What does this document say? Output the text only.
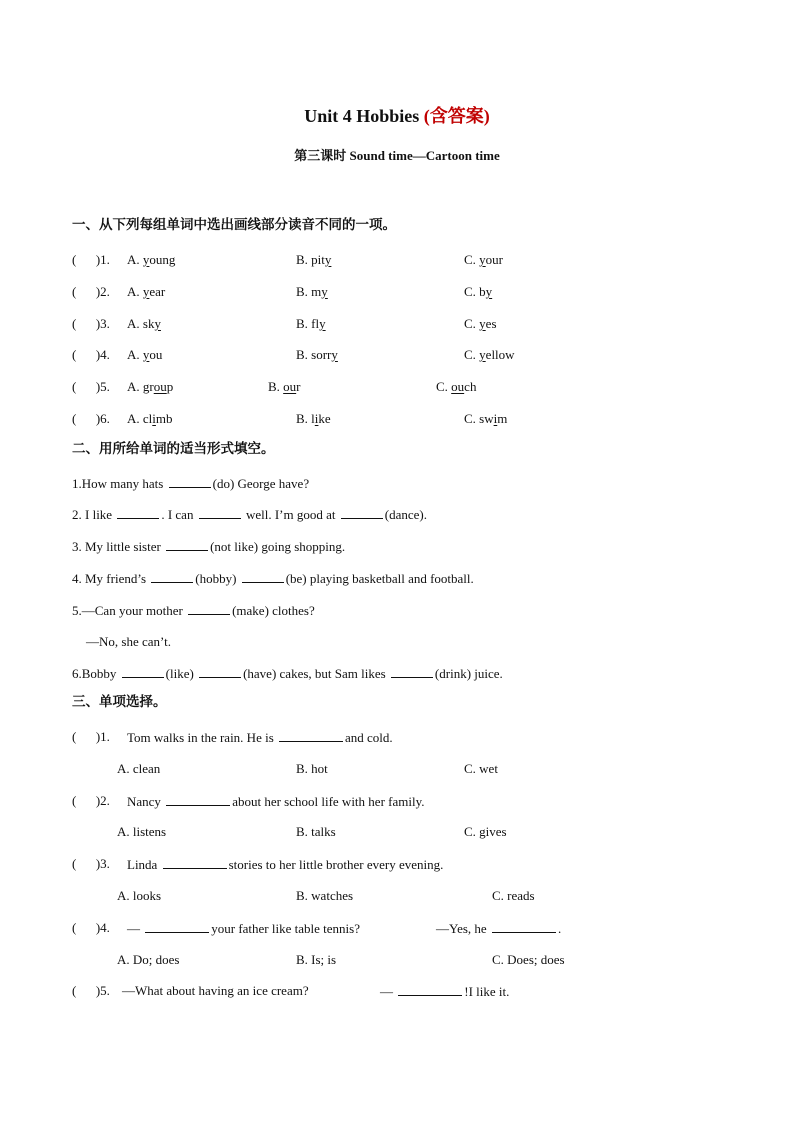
Unit 4 Hobbies (含答案)
第三课时 Sound time—Cartoon time
一、从下列每组单词中选出画线部分读音不同的一项。
(      )1. A. young	B. pity	C. your
(      )2. A. year	B. my	C. by
(      )3. A. sky	B. fly	C. yes
(      )4. A. you	B. sorry	C. yellow
(      )5. A. group	B. our	C. ouch
(      )6. A. climb	B. like	C. swim
二、用所给单词的适当形式填空。
1.How many hats	(do) George have?
2. I like	. I can	well. I’m good at	(dance).
3. My little sister	(not like) going shopping.
4. My friend’s	(hobby)	(be) playing basketball and football.
5.—Can your mother	(make) clothes?
—No, she can’t.
6.Bobby	(like)	(have) cakes, but Sam likes	(drink) juice.
三、单项选择。
(      )1. Tom walks in the rain. He is	and cold.
A. clean	B. hot	C. wet
(      )2. Nancy	about her school life with her family.
A. listens	B. talks	C. gives
(      )3. Linda	stories to her little brother every evening.
A. looks	B. watches	C. reads
(      )4. —	your father like table tennis?	—Yes, he	.
A. Do; does	B. Is; is	C. Does; does
(      )5. —What about having an ice cream?	—	!I like it.
